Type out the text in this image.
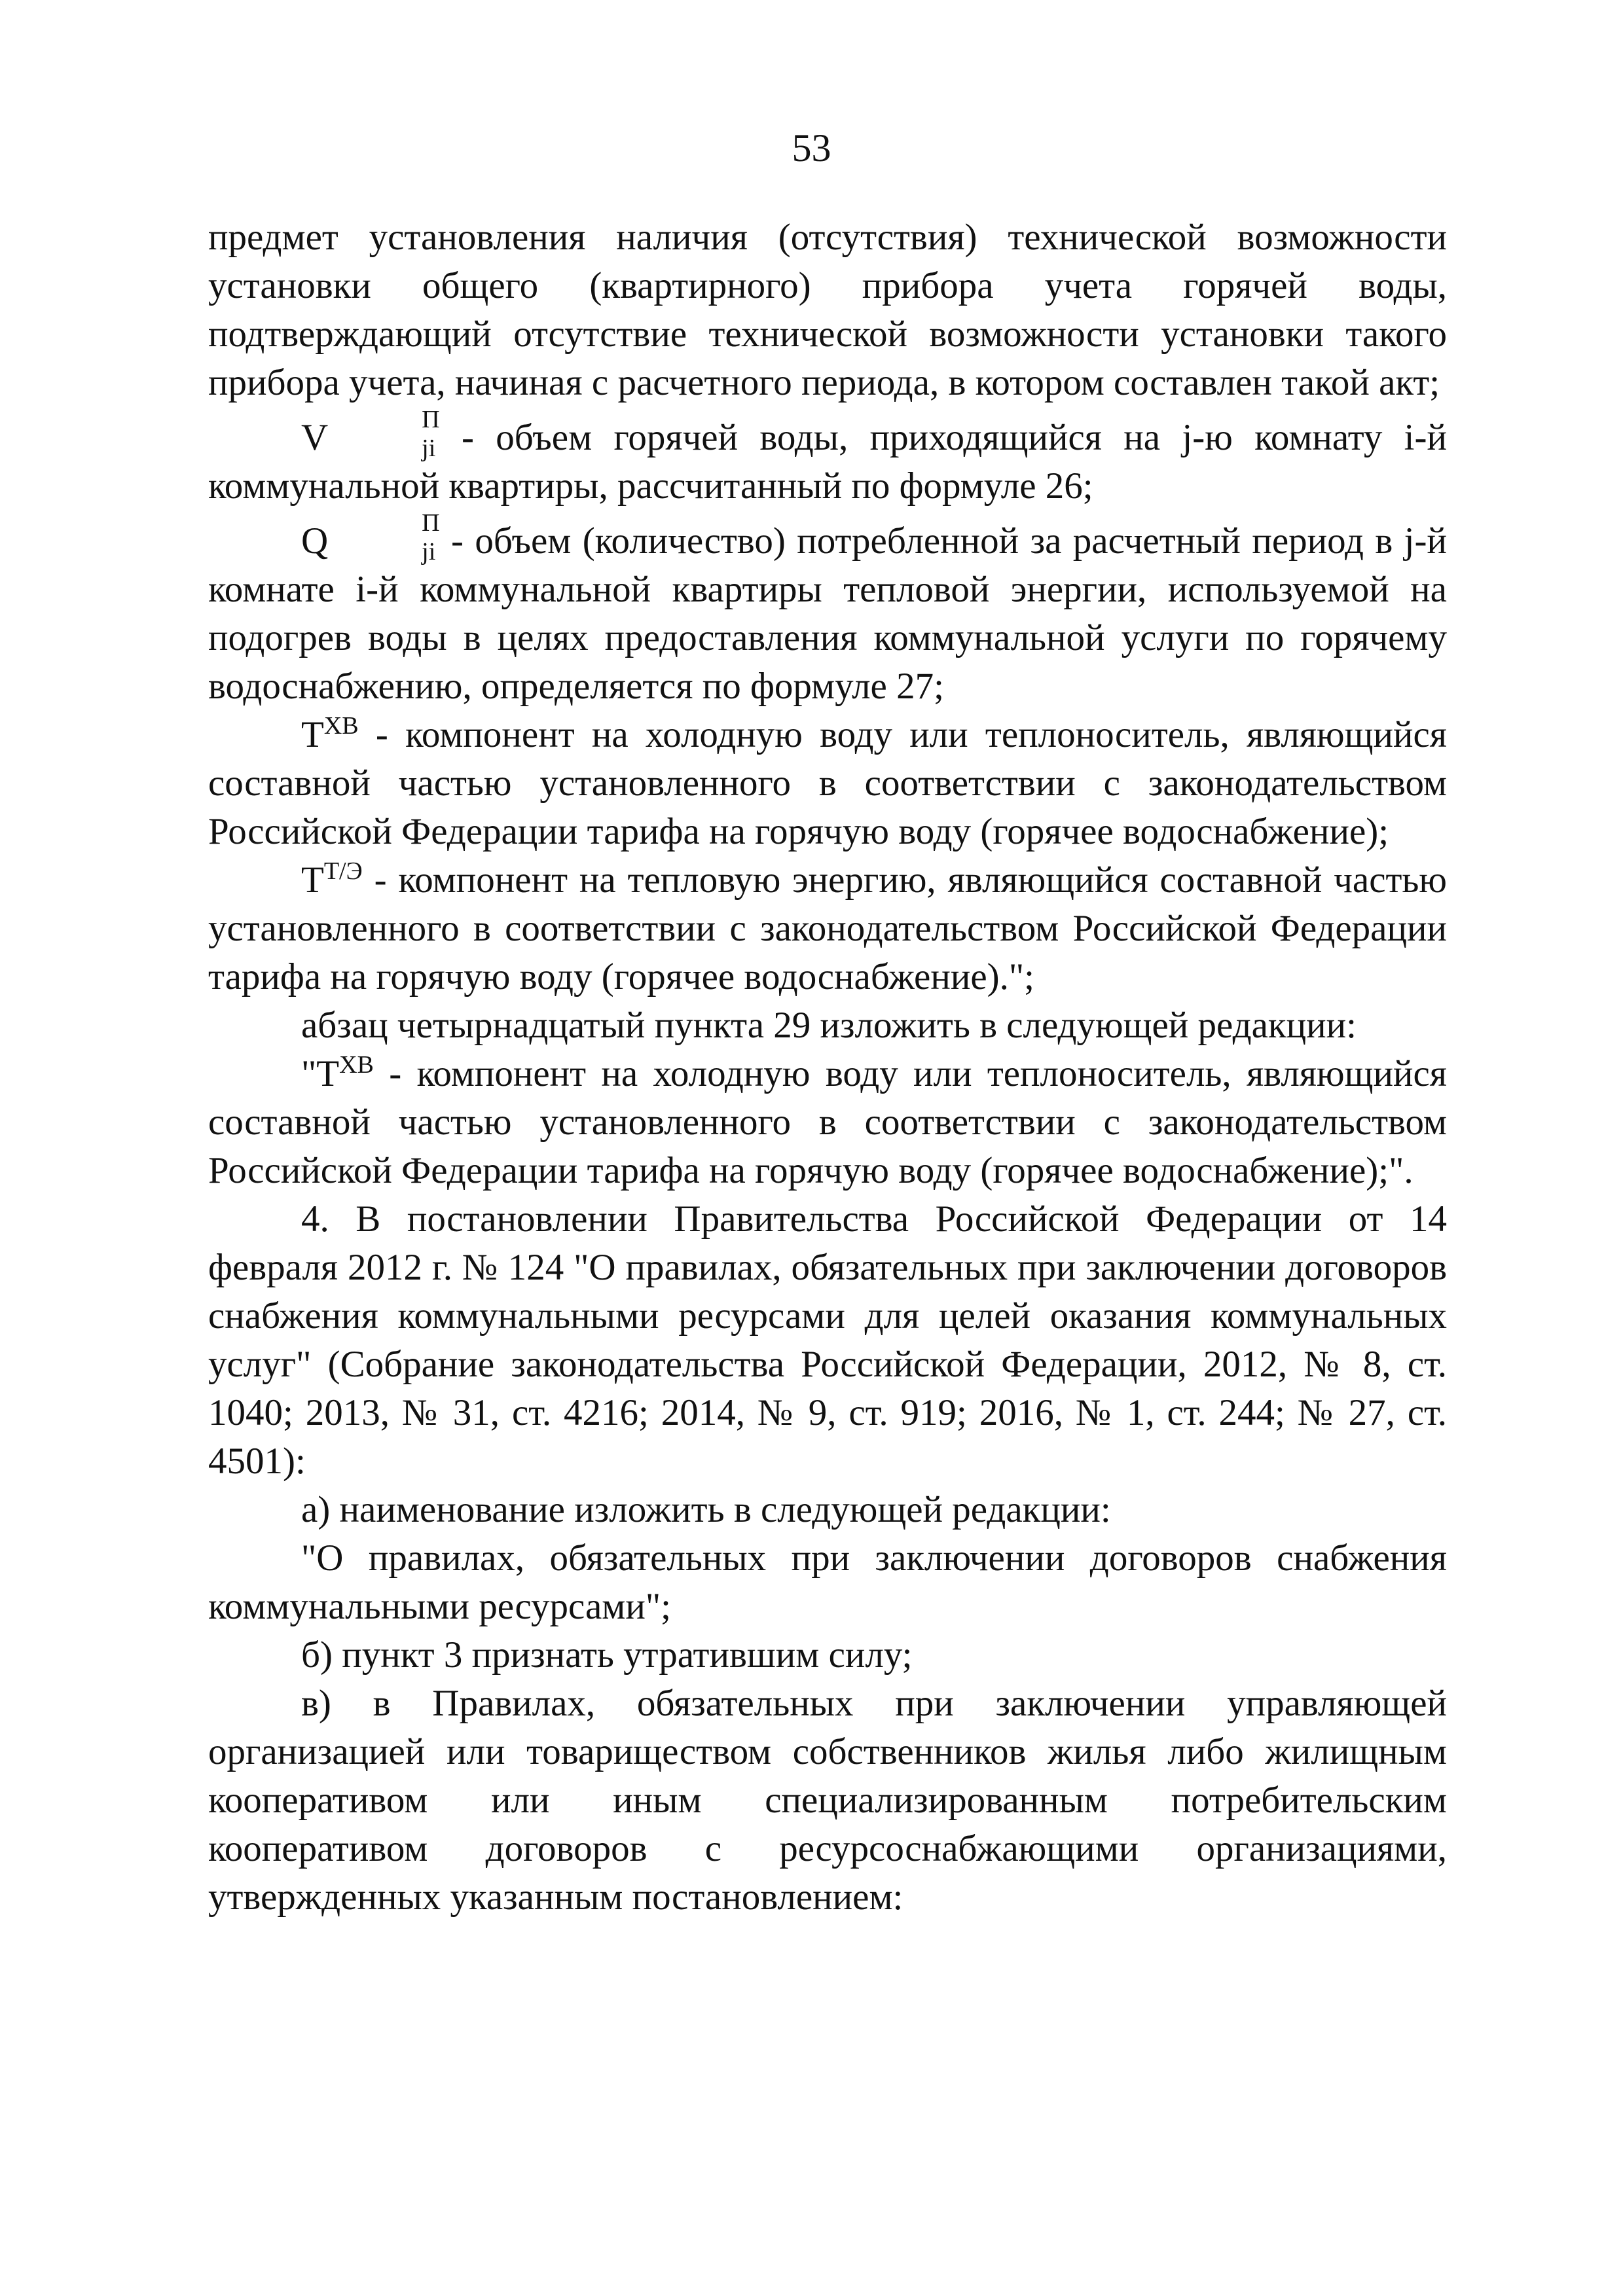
53

предмет установления наличия (отсутствия) технической возможности установки общего (квартирного) прибора учета горячей воды, подтверждающий отсутствие технической возможности установки такого прибора учета, начиная с расчетного периода, в котором составлен такой акт;

V	П
ji - объем горячей воды, приходящийся на j-ю комнату i-й коммунальной квартиры, рассчитанный по формуле 26;

Q	П
ji - объем (количество) потребленной за расчетный период в j-й комнате i-й коммунальной квартиры тепловой энергии, используемой на подогрев воды в целях предоставления коммунальной услуги по горячему водоснабжению, определяется по формуле 27;

$T^{ХВ}$ - компонент на холодную воду или теплоноситель, являющийся составной частью установленного в соответствии с законодательством Российской Федерации тарифа на горячую воду (горячее водоснабжение);

$T^{Т/Э}$ - компонент на тепловую энергию, являющийся составной частью установленного в соответствии с законодательством Российской Федерации тарифа на горячую воду (горячее водоснабжение).";

абзац четырнадцатый пункта 29 изложить в следующей редакции:

"$T^{ХВ}$ - компонент на холодную воду или теплоноситель, являющийся составной частью установленного в соответствии с законодательством Российской Федерации тарифа на горячую воду (горячее водоснабжение);".

4. В постановлении Правительства Российской Федерации от 14 февраля 2012 г. № 124 "О правилах, обязательных при заключении договоров снабжения коммунальными ресурсами для целей оказания коммунальных услуг" (Собрание законодательства Российской Федерации, 2012, № 8, ст. 1040; 2013, № 31, ст. 4216; 2014, № 9, ст. 919; 2016, № 1, ст. 244; № 27, ст. 4501):

а) наименование изложить в следующей редакции:

"О правилах, обязательных при заключении договоров снабжения коммунальными ресурсами";

б) пункт 3 признать утратившим силу;

в) в Правилах, обязательных при заключении управляющей организацией или товариществом собственников жилья либо жилищным кооперативом или иным специализированным потребительским кооперативом договоров с ресурсоснабжающими организациями, утвержденных указанным постановлением:
